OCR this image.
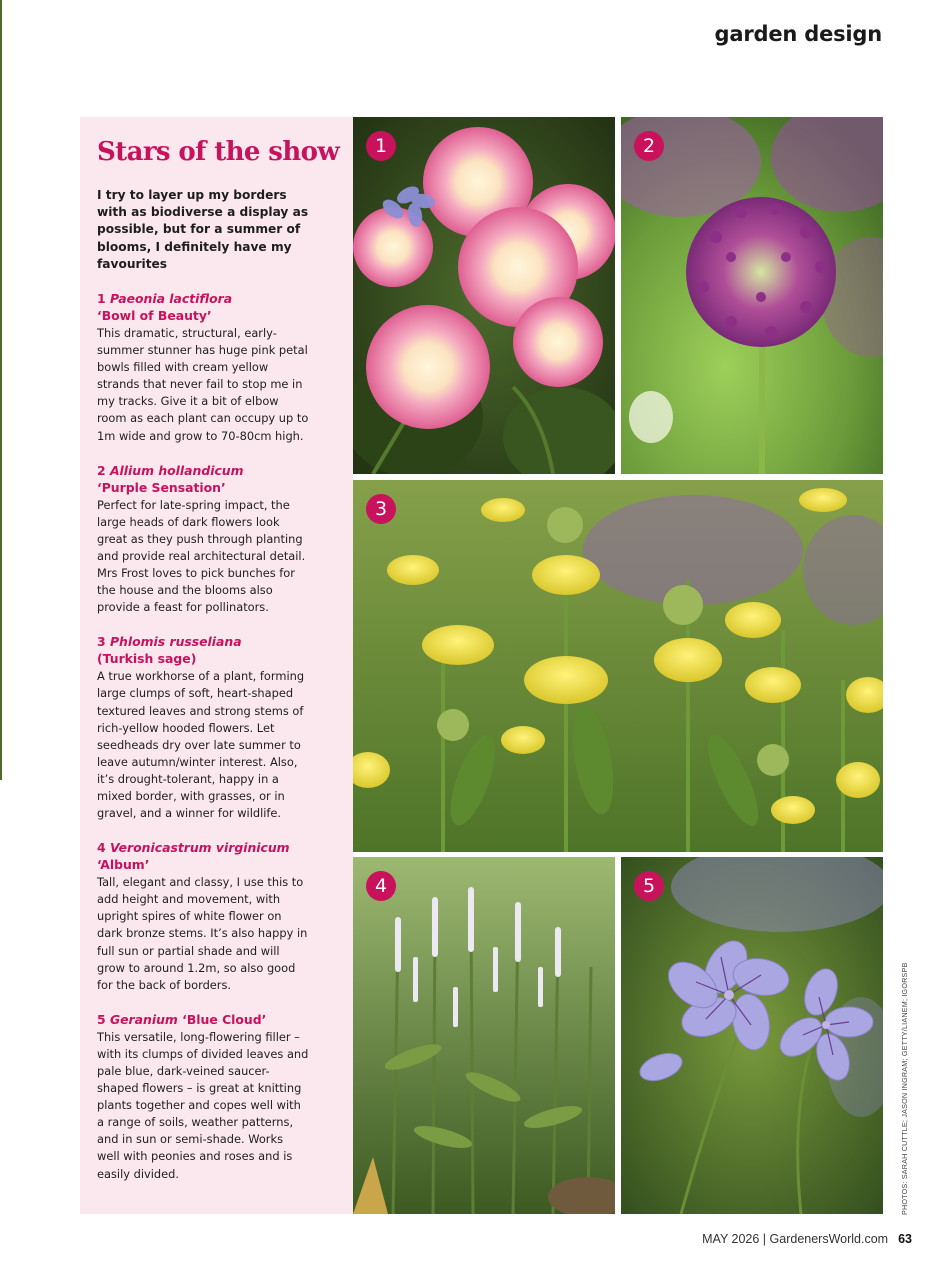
garden design
Stars of the show

I try to layer up my borders with as biodiverse a display as possible, but for a summer of blooms, I definitely have my favourites

1 Paeonia lactiflora
‘Bowl of Beauty’
This dramatic, structural, early-summer stunner has huge pink petal bowls filled with cream yellow strands that never fail to stop me in my tracks. Give it a bit of elbow room as each plant can occupy up to 1m wide and grow to 70-80cm high.
2 Allium hollandicum
‘Purple Sensation’
Perfect for late-spring impact, the large heads of dark flowers look great as they push through planting and provide real architectural detail. Mrs Frost loves to pick bunches for the house and the blooms also provide a feast for pollinators.
3 Phlomis russeliana
(Turkish sage)
A true workhorse of a plant, forming large clumps of soft, heart-shaped textured leaves and strong stems of rich-yellow hooded flowers. Let seedheads dry over late summer to leave autumn/winter interest. Also, it’s drought-tolerant, happy in a mixed border, with grasses, or in gravel, and a winner for wildlife.
4 Veronicastrum virginicum ‘Album’
Tall, elegant and classy, I use this to add height and movement, with upright spires of white flower on dark bronze stems. It’s also happy in full sun or partial shade and will grow to around 1.2m, so also good for the back of borders.
5 Geranium ‘Blue Cloud’
This versatile, long-flowering filler – with its clumps of divided leaves and pale blue, dark-veined saucer-shaped flowers – is great at knitting plants together and copes well with a range of soils, weather patterns, and in sun or semi-shade. Works well with peonies and roses and is easily divided.
1	2
3
4	5
PHOTOS: SARAH CUTTLE; JASON INGRAM; GETTY/LIANEM; IGORSPB
MAY 2026 | GardenersWorld.com 63
